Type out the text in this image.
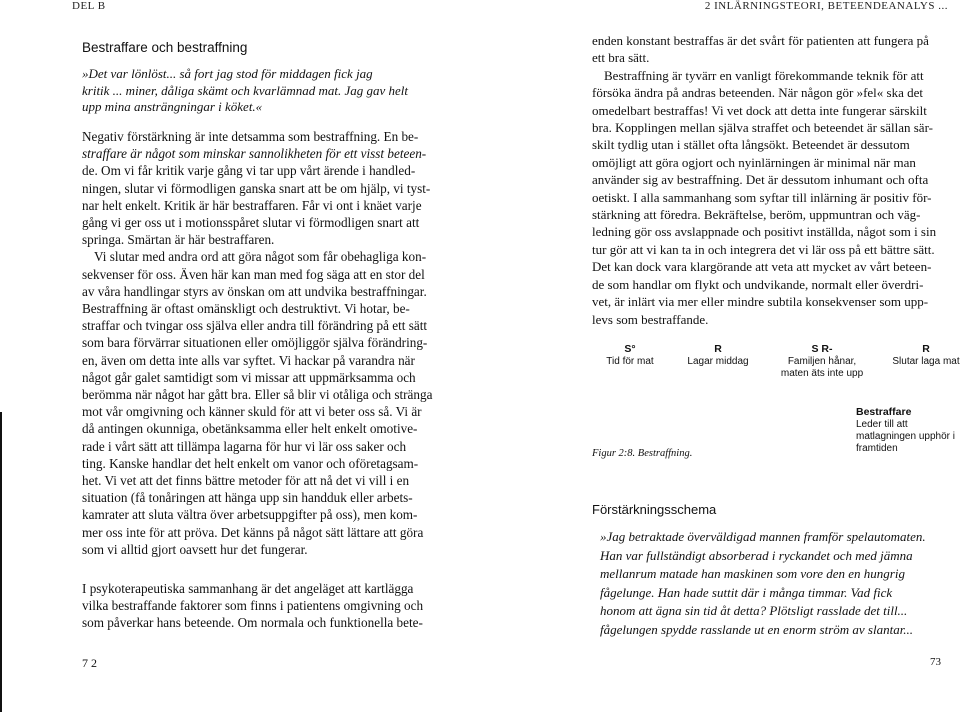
DEL B	2 INLÄRNINGSTEORI, BETEENDEANALYS ...
Bestraffare och bestraffning
»Det var lönlöst... så fort jag stod för middagen fick jag
kritik ... miner, dåliga skämt och kvarlämnad mat. Jag gav helt
upp mina ansträngningar i köket.«
Negativ förstärkning är inte detsamma som bestraffning. En be-
straffare är något som minskar sannolikheten för ett visst beteen-
de. Om vi får kritik varje gång vi tar upp vårt ärende i handled-
ningen, slutar vi förmodligen ganska snart att be om hjälp, vi tyst-
nar helt enkelt. Kritik är här bestraffaren. Får vi ont i knäet varje
gång vi ger oss ut i motionsspåret slutar vi förmodligen snart att
springa. Smärtan är här bestraffaren.
Vi slutar med andra ord att göra något som får obehagliga kon-
sekvenser för oss. Även här kan man med fog säga att en stor del
av våra handlingar styrs av önskan om att undvika bestraffningar.
Bestraffning är oftast omänskligt och destruktivt. Vi hotar, be-
straffar och tvingar oss själva eller andra till förändring på ett sätt
som bara förvärrar situationen eller omöjliggör själva förändring-
en, även om detta inte alls var syftet. Vi hackar på varandra när
något går galet samtidigt som vi missar att uppmärksamma och
berömma när något har gått bra. Eller så blir vi otåliga och stränga
mot vår omgivning och känner skuld för att vi beter oss så. Vi är
då antingen okunniga, obetänksamma eller helt enkelt omotive-
rade i vårt sätt att tillämpa lagarna för hur vi lär oss saker och
ting. Kanske handlar det helt enkelt om vanor och oföretagsam-
het. Vi vet att det finns bättre metoder för att nå det vi vill i en
situation (få tonåringen att hänga upp sin handduk eller arbets-
kamrater att sluta vältra över arbetsuppgifter på oss), men kom-
mer oss inte för att pröva. Det känns på något sätt lättare att göra
som vi alltid gjort oavsett hur det fungerar.
I psykoterapeutiska sammanhang är det angeläget att kartlägga
vilka bestraffande faktorer som finns i patientens omgivning och
som påverkar hans beteende. Om normala och funktionella bete-
7 2
enden konstant bestraffas är det svårt för patienten att fungera på
ett bra sätt.
Bestraffning är tyvärr en vanligt förekommande teknik för att
försöka ändra på andras beteenden. När någon gör »fel« ska det
omedelbart bestraffas! Vi vet dock att detta inte fungerar särskilt
bra. Kopplingen mellan själva straffet och beteendet är sällan sär-
skilt tydlig utan i stället ofta långsökt. Beteendet är dessutom
omöjligt att göra ogjort och nyinlärningen är minimal när man
använder sig av bestraffning. Det är dessutom inhumant och ofta
oetiskt. I alla sammanhang som syftar till inlärning är positiv för-
stärkning att föredra. Bekräftelse, beröm, uppmuntran och väg-
ledning gör oss avslappnade och positivt inställda, något som i sin
tur gör att vi kan ta in och integrera det vi lär oss på ett bättre sätt.
Det kan dock vara klargörande att veta att mycket av vårt beteen-
de som handlar om flykt och undvikande, normalt eller överdri-
vet, är inlärt via mer eller mindre subtila konsekvenser som upp-
levs som bestraffande.
S°
Tid för mat
R
Lagar middag
S R-
Familjen hånar, maten äts inte upp
R
Slutar laga mat
Bestraffare
Leder till att matlagningen upphör i framtiden
Figur 2:8. Bestraffning.
Förstärkningsschema
»Jag betraktade överväldigad mannen framför spelautomaten.
Han var fullständigt absorberad i ryckandet och med jämna
mellanrum matade han maskinen som vore den en hungrig
fågelunge. Han hade suttit där i många timmar. Vad fick
honom att ägna sin tid åt detta? Plötsligt rasslade det till...
fågelungen spydde rasslande ut en enorm ström av slantar...
73
